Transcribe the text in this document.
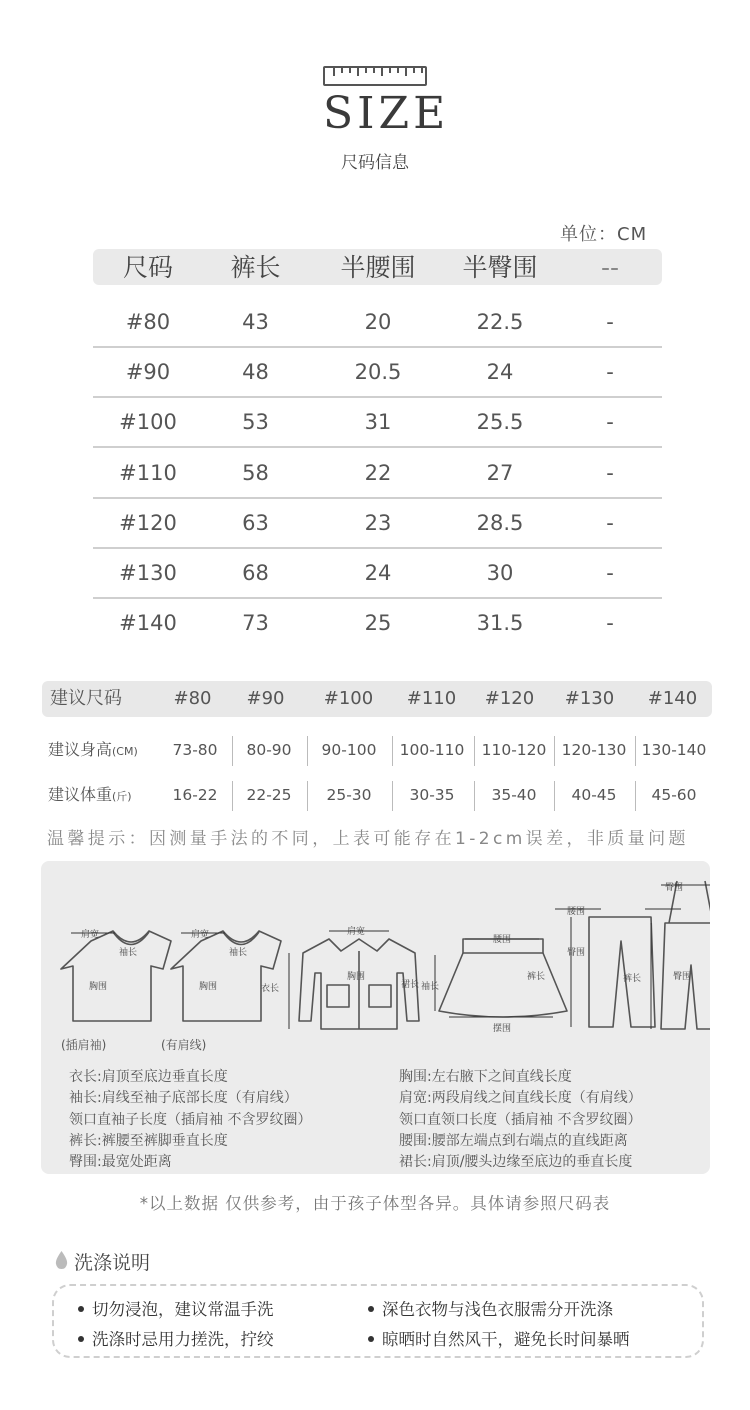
SIZE
尺码信息
单位：CM
尺码	裤长	半腰围	半臀围	--
#80	43	20	22.5	-
#90	48	20.5	24	-
#100	53	31	25.5	-
#110	58	22	27	-
#120	63	23	28.5	-
#130	68	24	30	-
#140	73	25	31.5	-
建议尺码	#80 #90 #100 #110 #120 #130 #140
建议身高(CM)	73-80	80-90	90-100	100-110	110-120 120-130 130-140
建议体重(斤)	16-22	22-25	25-30	30-35	35-40	40-45	45-60
温馨提示：因测量手法的不同，上表可能存在1-2cm误差，非质量问题
肩宽
袖长
胸围
肩宽
袖长
胸围
肩宽
胸围
衣长	袖长
腰围
裙长
摆围
腰围
臀围
裤长
臀围
裤长	臀围
(插肩袖)	(有肩线)
衣长:肩顶至底边垂直长度
袖长:肩线至袖子底部长度（有肩线）
领口直袖子长度（插肩袖 不含罗纹圈）
裤长:裤腰至裤脚垂直长度
臀围:最宽处距离
胸围:左右腋下之间直线长度
肩宽:两段肩线之间直线长度（有肩线）
领口直领口长度（插肩袖 不含罗纹圈）
腰围:腰部左端点到右端点的直线距离
裙长:肩顶/腰头边缘至底边的垂直长度
*以上数据 仅供参考，由于孩子体型各异。具体请参照尺码表
洗涤说明
切勿浸泡，建议常温手洗	深色衣物与浅色衣服需分开洗涤
洗涤时忌用力搓洗，拧绞	晾晒时自然风干，避免长时间暴晒
